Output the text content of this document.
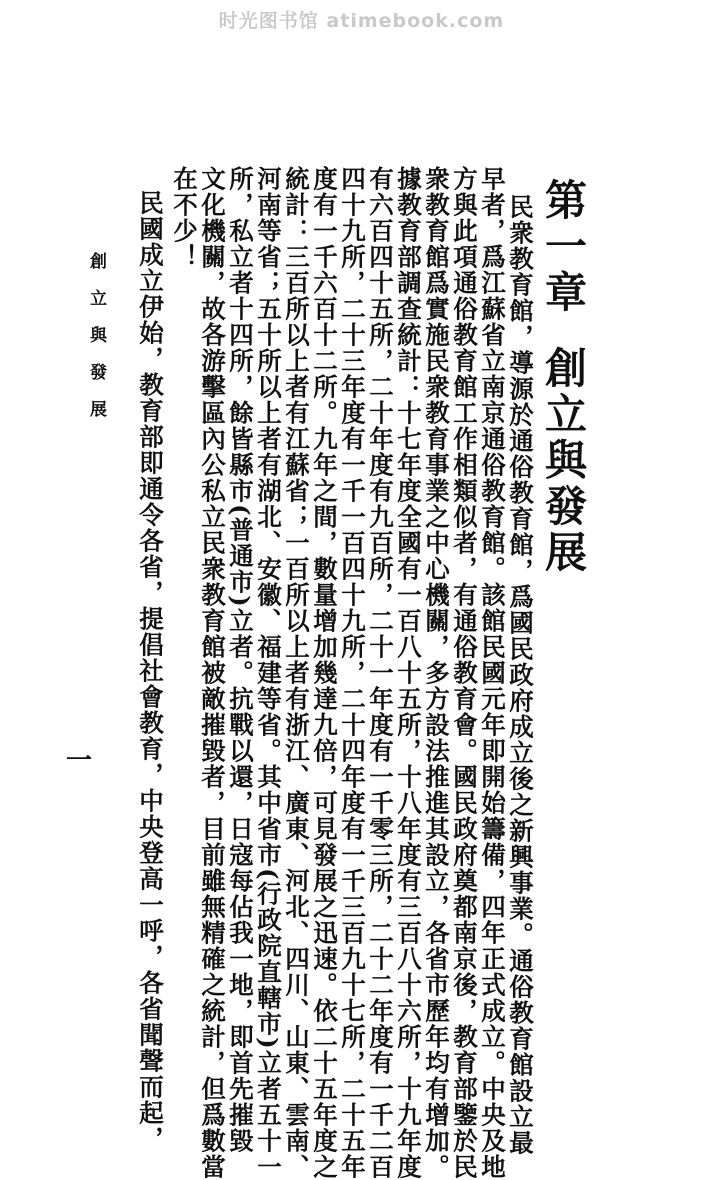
时光图书馆 atimebook.com
第一章創立與發展
民衆教育館，導源於通俗教育館，爲國民政府成立後之新興事業。通俗教育館設立最
早者，爲江蘇省立南京通俗教育館。該館民國元年即開始籌備，四年正式成立。中央及地
方與此項通俗教育館工作相類似者，有通俗教育會。國民政府奠都南京後，教育部鑒於民
衆教育館爲實施民衆教育事業之中心機關，多方設法推進其設立，各省市歷年均有增加。
據教育部調查統計：十七年度全國有一百八十五所，十八年度有三百八十六所，十九年度
有六百四十五所，二十年度有九百所，二十一年度有一千零三所，二十二年度有一千二百
四十九所，二十三年度有一千一百四十九所，二十四年度有一千三百九十七所，二十五年
度有一千六百十二所。九年之間，數量增加幾達九倍，可見發展之迅速。依二十五年度之
統計：三百所以上者有江蘇省；一百所以上者有浙江、廣東、河北、四川、山東、雲南、
河南等省；五十所以上者有湖北、安徽、福建等省。其中省市(行政院直轄市)立者五十一
所，私立者十四所，餘皆縣市(普通市)立者。抗戰以還，日寇每佔我一地，即首先摧毀
文化機關，故各游擊區內公私立民衆教育館被敵摧毀者，目前雖無精確之統計，但爲數當
在不少！
民國成立伊始，教育部即通令各省，提倡社會教育，中央登高一呼，各省聞聲而起，
創立與發展
一
